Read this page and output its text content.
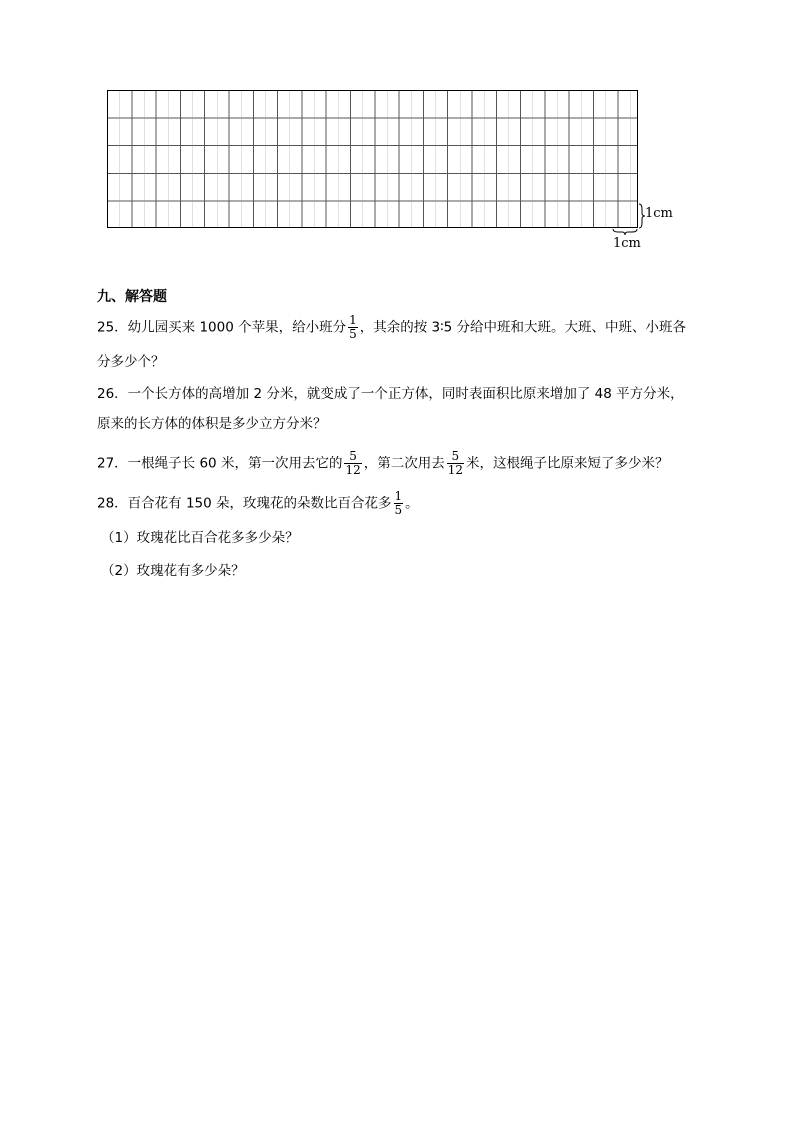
1cm
1cm
九、解答题
25．幼儿园买来 1000 个苹果，给小班分 $\frac{1}{5}$ ，其余的按 3∶5 分给中班和大班。大班、中班、小班各
分多少个？
26．一个长方体的高增加 2 分米，就变成了一个正方体，同时表面积比原来增加了 48 平方分米，
原来的长方体的体积是多少立方分米？
27．一根绳子长 60 米，第一次用去它的 $\frac{5}{12}$ ，第二次用去 $\frac{5}{12}$ 米，这根绳子比原来短了多少米？
28．百合花有 150 朵，玫瑰花的朵数比百合花多 $\frac{1}{5}$ 。
（1）玫瑰花比百合花多多少朵？
（2）玫瑰花有多少朵？
